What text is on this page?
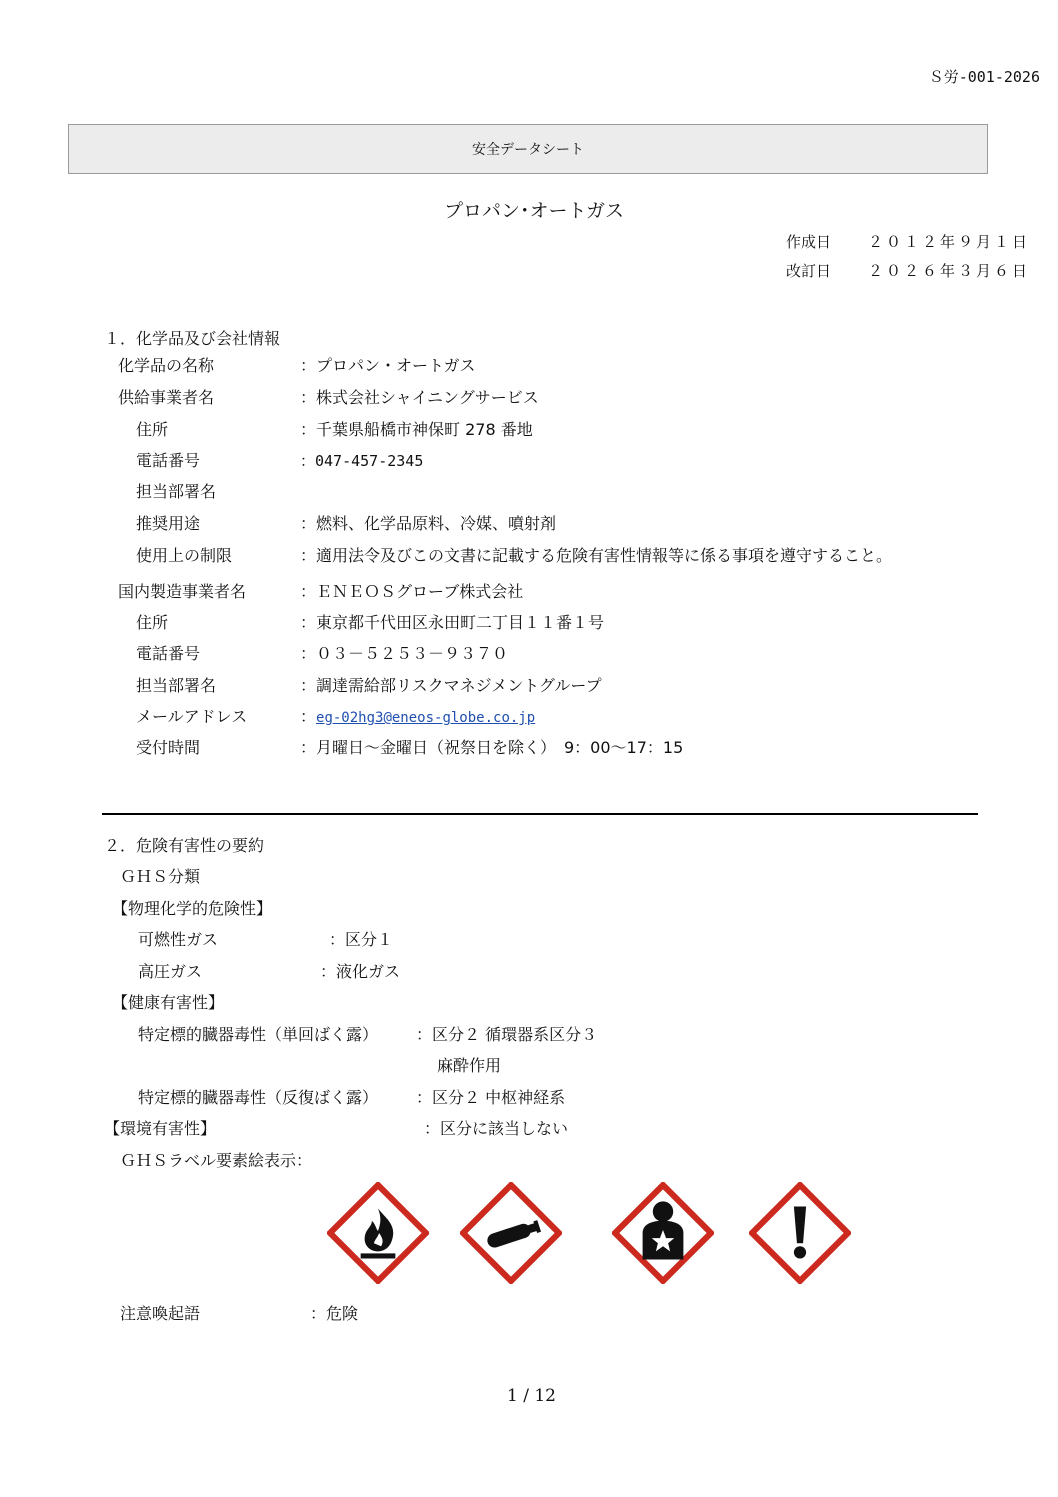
Ｓ労-001-2026
安全データシート
プロパン･オートガス
作成日 ２０１２年９月１日
改訂日 ２０２６年３月６日
１．化学品及び会社情報
化学品の名称	：プロパン・オートガス
供給事業者名	：株式会社シャイニングサービス
住所	：千葉県船橋市神保町 278 番地
電話番号	：047-457-2345
担当部署名
推奨用途	：燃料、化学品原料、冷媒、噴射剤
使用上の制限	：適用法令及びこの文書に記載する危険有害性情報等に係る事項を遵守すること。
国内製造事業者名	：ＥＮＥＯＳグローブ株式会社
住所	：東京都千代田区永田町二丁目１１番１号
電話番号	：０３－５２５３－９３７０
担当部署名	：調達需給部リスクマネジメントグループ
メールアドレス	：eg-02hg3@eneos-globe.co.jp
受付時間	：月曜日～金曜日（祝祭日を除く）　9：00～17：15
２．危険有害性の要約
ＧＨＳ分類
【物理化学的危険性】
可燃性ガス	：区分１
高圧ガス	：液化ガス
【健康有害性】
特定標的臓器毒性（単回ばく露） ：区分２ 循環器系区分３
麻酔作用
特定標的臓器毒性（反復ばく露） ：区分２ 中枢神経系
【環境有害性】	：区分に該当しない
ＧＨＳラベル要素絵表示：
注意喚起語	：危険
1 / 12
